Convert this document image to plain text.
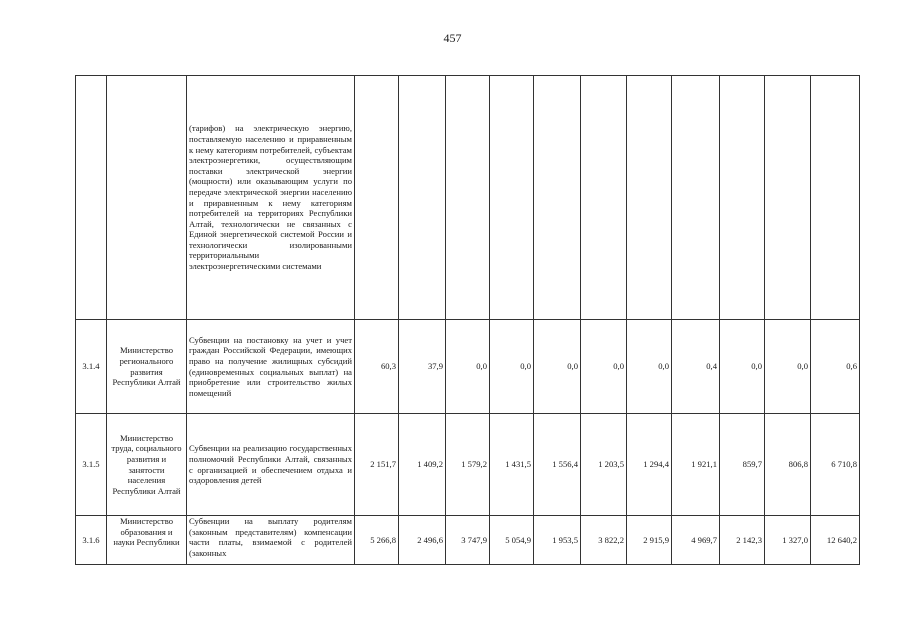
457
		(тарифов) на электрическую энергию, поставляемую населению и приравненным к нему категориям потребителей, субъектам электроэнергетики, осуществляющим поставки электрической энергии (мощности) или оказывающим услуги по передаче электрической энергии населению и приравненным к нему категориям потребителей на территориях Республики Алтай, технологически не связанных с Единой энергетической системой России и технологически изолированными территориальными электроэнергетическими системами											
3.1.4	Министерство регионального развития Республики Алтай	Субвенции на постановку на учет и учет граждан Российской Федерации, имеющих право на получение жилищных субсидий (единовременных социальных выплат) на приобретение или строительство жилых помещений	60,3	37,9	0,0	0,0	0,0	0,0	0,0	0,4	0,0	0,0	0,6
3.1.5	Министерство труда, социального развития и занятости населения Республики Алтай	Субвенции на реализацию государственных полномочий Республики Алтай, связанных с организацией и обеспечением отдыха и оздоровления детей	2 151,7	1 409,2	1 579,2	1 431,5	1 556,4	1 203,5	1 294,4	1 921,1	859,7	806,8	6 710,8
3.1.6	Министерство образования и науки Республики	Субвенции на выплату родителям (законным представителям) компенсации части платы, взимаемой с родителей (законных	5 266,8	2 496,6	3 747,9	5 054,9	1 953,5	3 822,2	2 915,9	4 969,7	2 142,3	1 327,0	12 640,2
